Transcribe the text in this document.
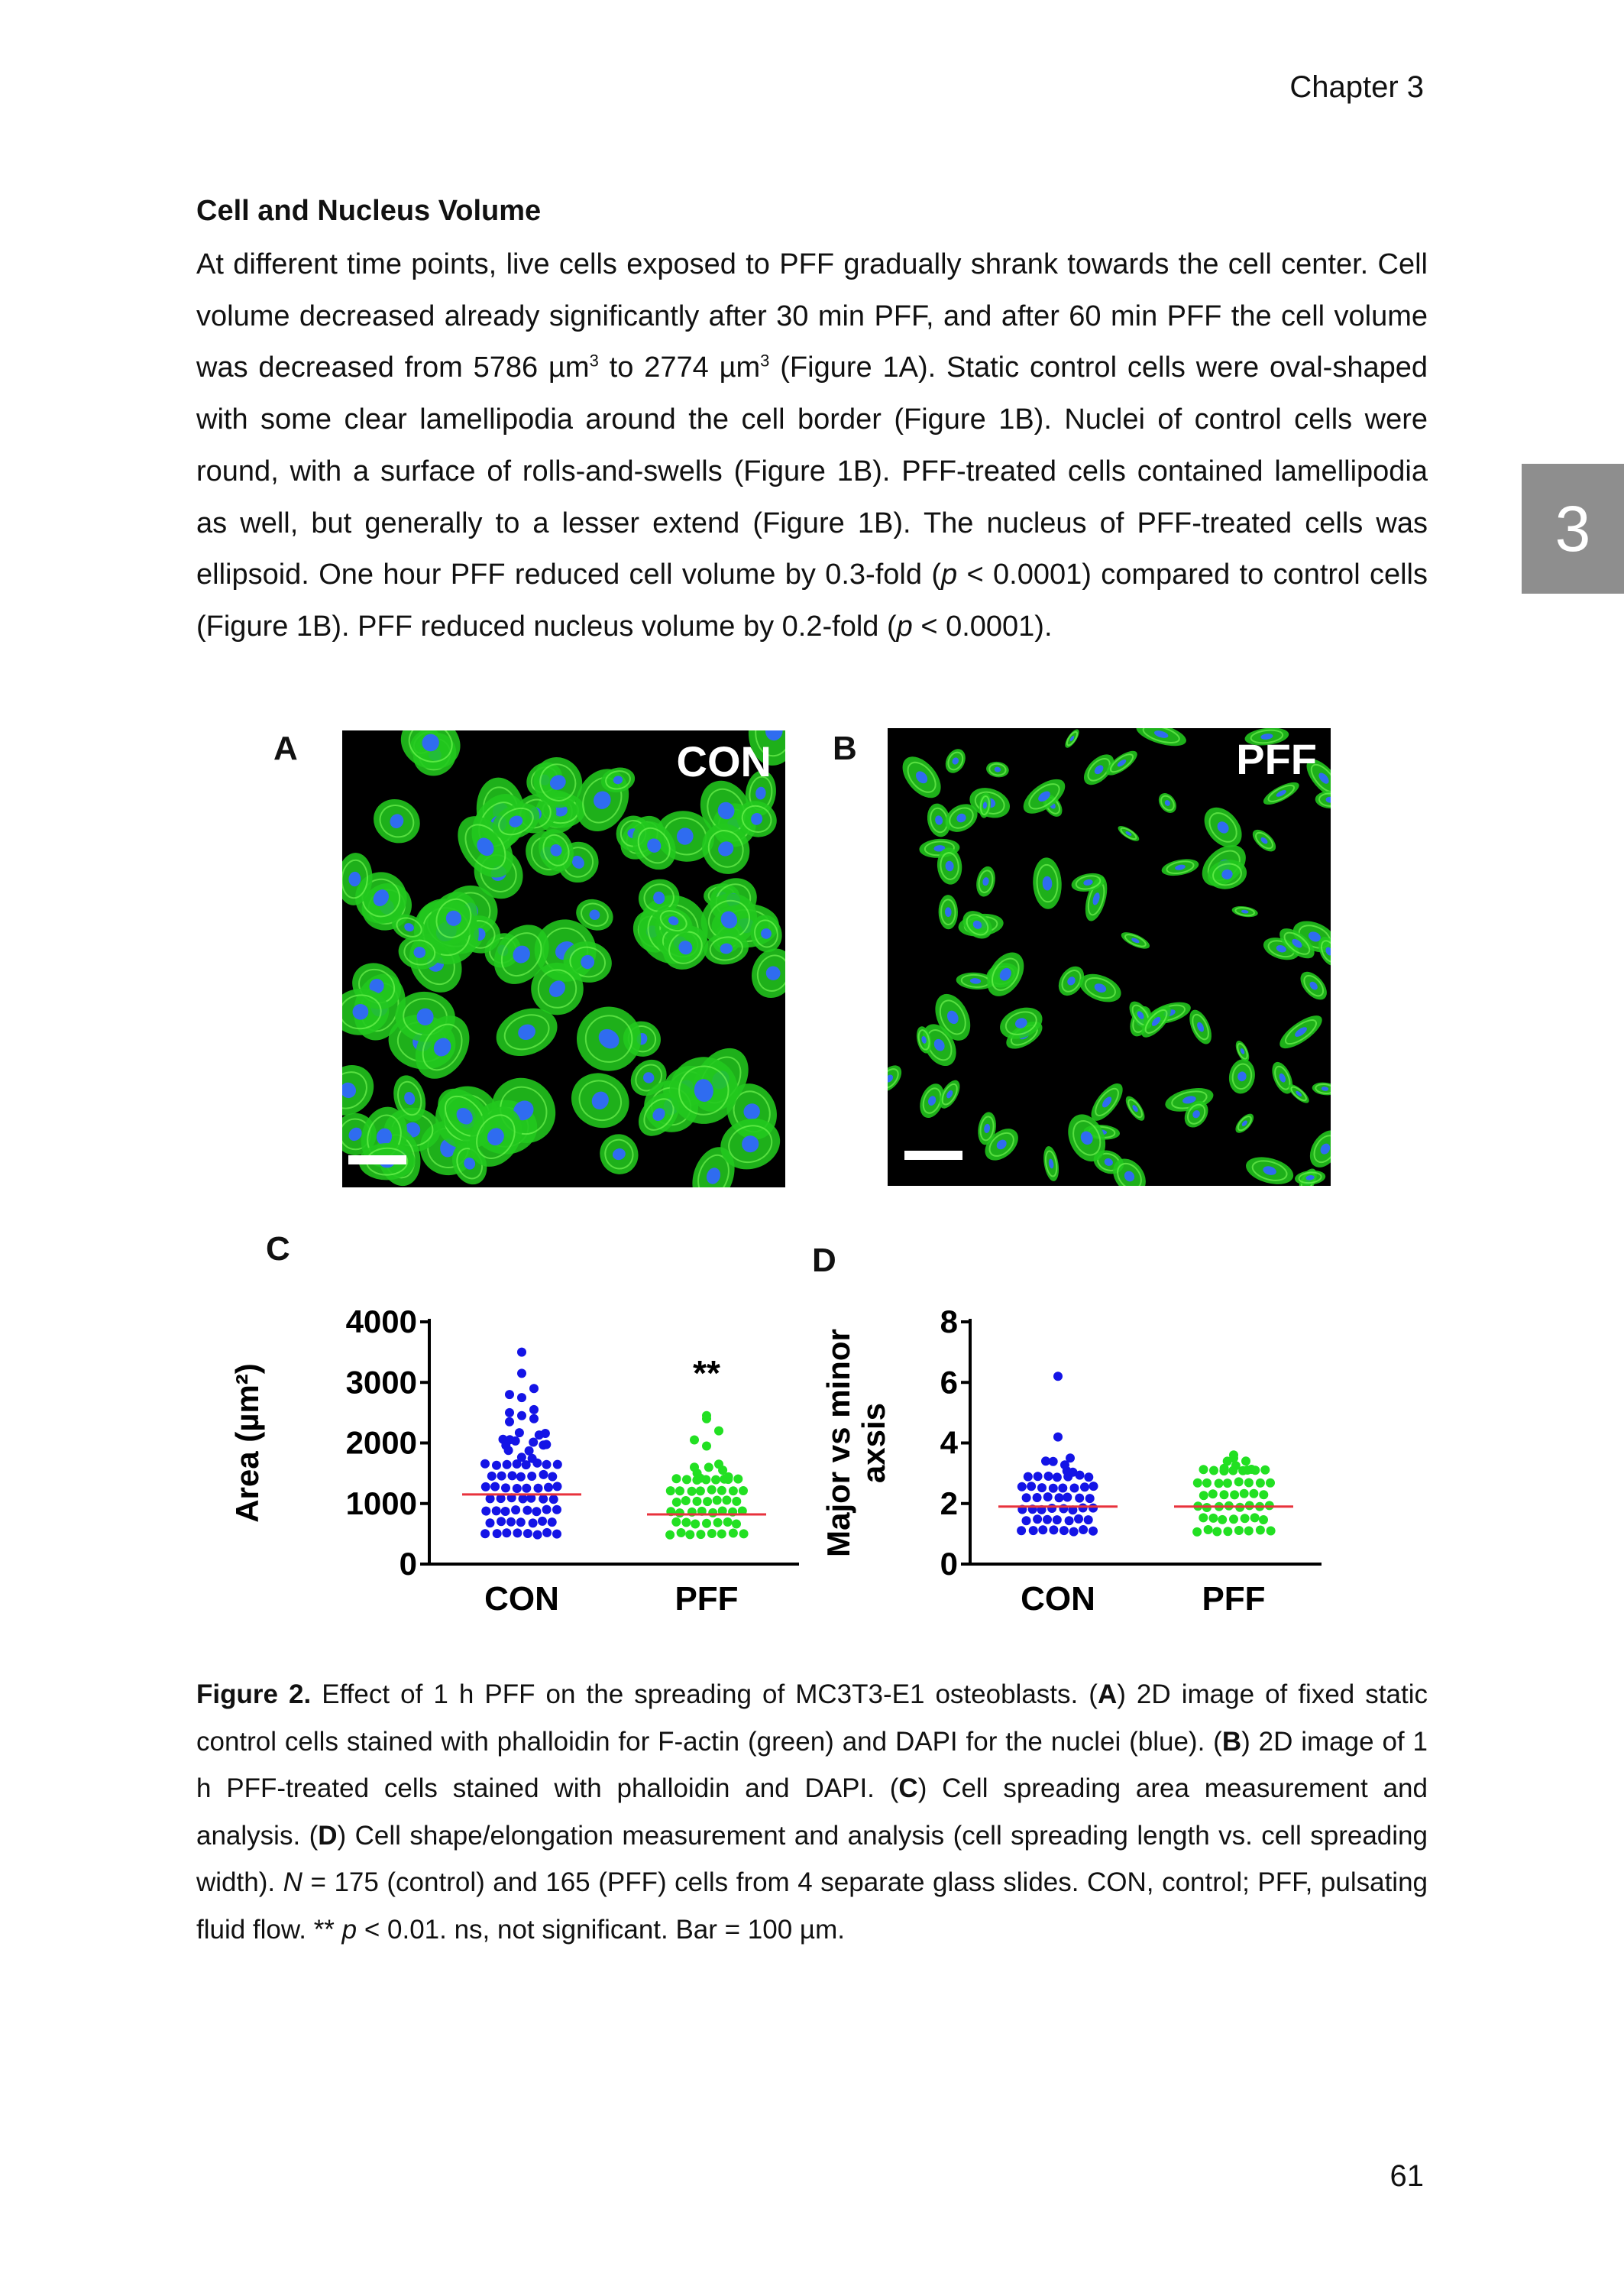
Chapter 3
3
Cell and Nucleus Volume

At different time points, live cells exposed to PFF gradually shrank towards the cell center. Cell volume decreased already significantly after 30 min PFF, and after 60 min PFF the cell volume was decreased from 5786 µm$^3$ to 2774 µm$^3$ (Figure 1A). Static control cells were oval-shaped with some clear lamellipodia around the cell border (Figure 1B). Nuclei of control cells were round, with a surface of rolls-and-swells (Figure 1B). PFF-treated cells contained lamellipodia as well, but generally to a lesser extend (Figure 1B). The nucleus of PFF-treated cells was ellipsoid. One hour PFF reduced cell volume by 0.3-fold (p < 0.0001) compared to control cells (Figure 1B). PFF reduced nucleus volume by 0.2-fold (p < 0.0001).

A	B
C	D
CON	PFF
0
1000
2000
3000
4000
Area (µm²)
CON	PFF
**
0
2
4
6
8
Major vs minor axsis
CON	PFF

Figure 2. Effect of 1 h PFF on the spreading of MC3T3-E1 osteoblasts. (A) 2D image of fixed static control cells stained with phalloidin for F-actin (green) and DAPI for the nuclei (blue). (B) 2D image of 1 h PFF-treated cells stained with phalloidin and DAPI. (C) Cell spreading area measurement and analysis. (D) Cell shape/elongation measurement and analysis (cell spreading length vs. cell spreading width). N = 175 (control) and 165 (PFF) cells from 4 separate glass slides. CON, control; PFF, pulsating fluid flow. ** p < 0.01. ns, not significant. Bar = 100 µm.

61
